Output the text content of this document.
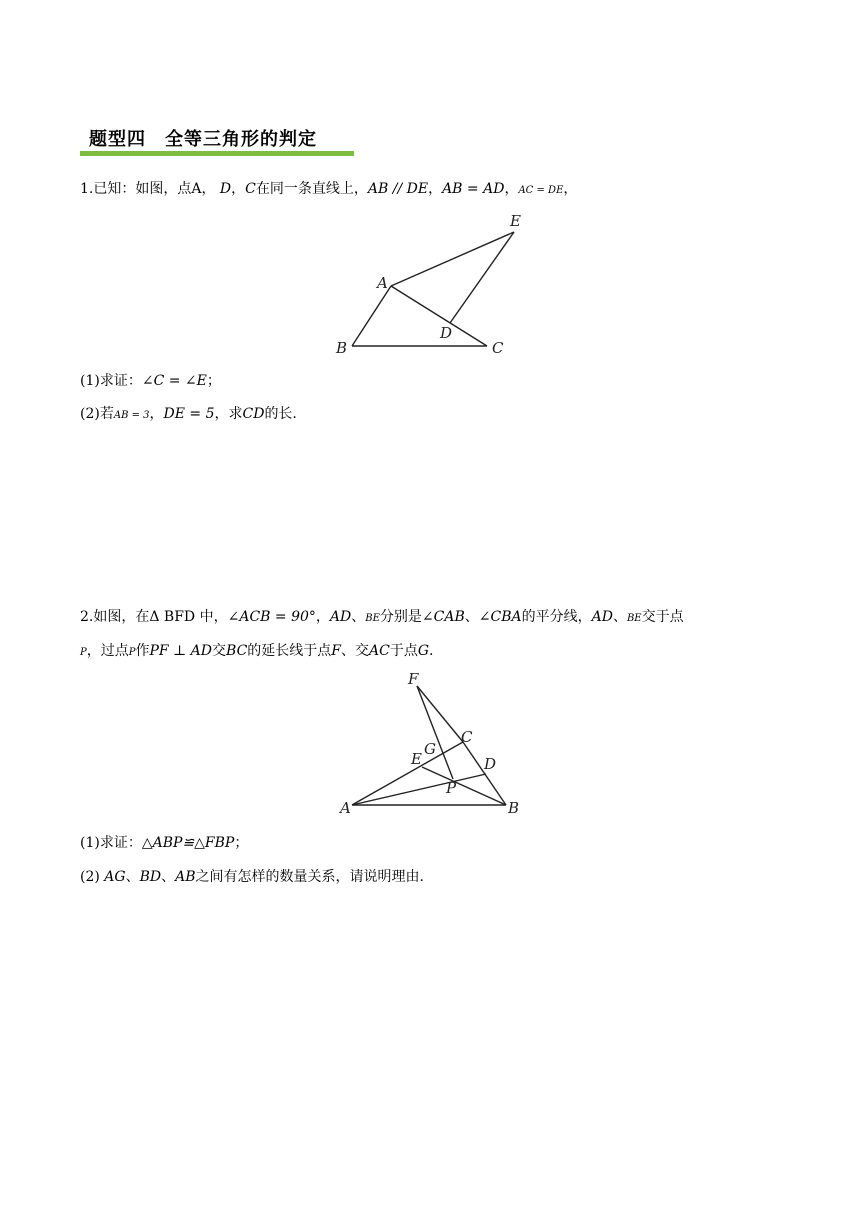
题型四　全等三角形的判定
1.已知：如图，点A， D，C在同一条直线上，AB // DE，AB = AD，AC = DE，
A
B	C
D
E
(1)求证：∠C = ∠E；
(2)若AB = 3，DE = 5，求CD的长.
2.如图，在Δ BFD 中，∠ACB = 90°，AD、BE分别是∠CAB、∠CBA的平分线，AD、BE交于点
P，过点P作PF ⊥ AD交BC的延长线于点F、交AC于点G.
F
C
G
E	D
P
A	B
(1)求证：△ABP≌△FBP；
(2) AG、BD、AB之间有怎样的数量关系，请说明理由.
